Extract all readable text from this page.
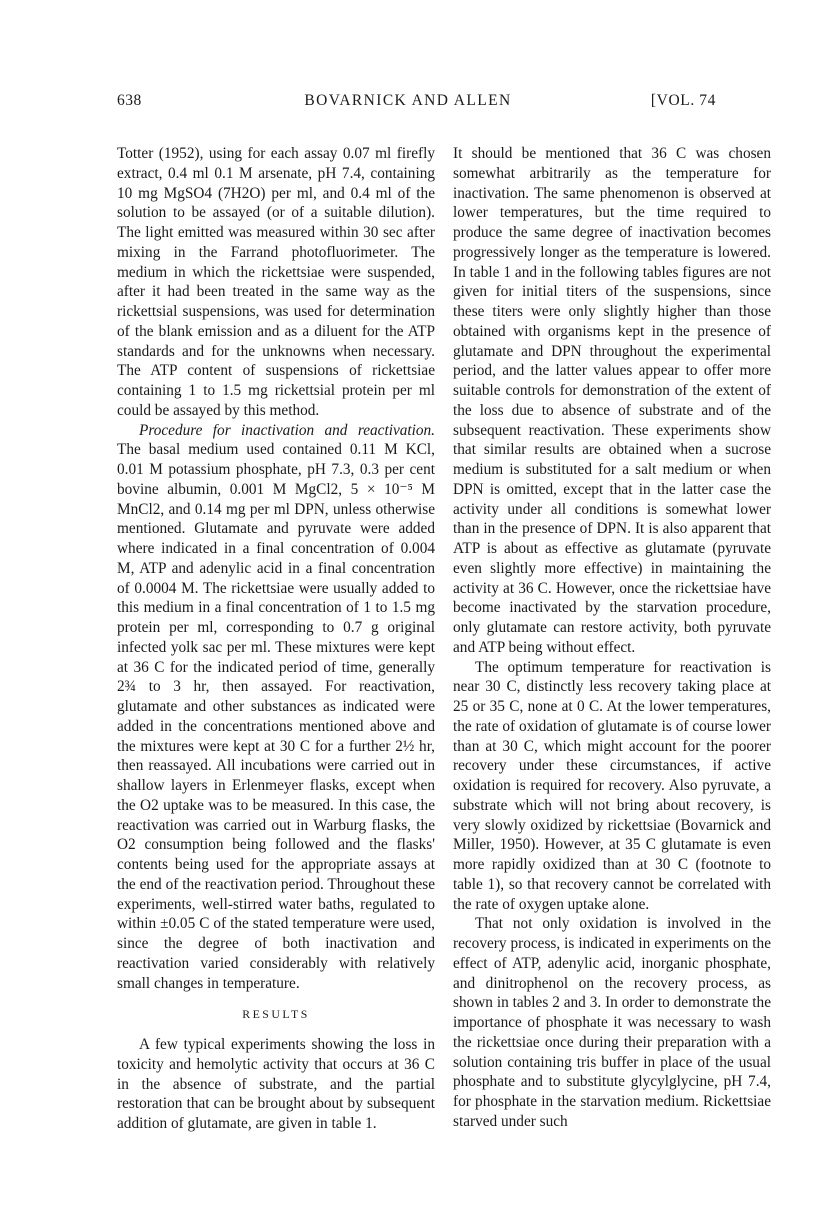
638	BOVARNICK AND ALLEN	[VOL. 74

Totter (1952), using for each assay 0.07 ml firefly extract, 0.4 ml 0.1 M arsenate, pH 7.4, containing 10 mg MgSO4 (7H2O) per ml, and 0.4 ml of the solution to be assayed (or of a suitable dilution). The light emitted was measured within 30 sec after mixing in the Farrand photofluorimeter. The medium in which the rickettsiae were suspended, after it had been treated in the same way as the rickettsial suspensions, was used for determination of the blank emission and as a diluent for the ATP standards and for the unknowns when necessary. The ATP content of suspensions of rickettsiae containing 1 to 1.5 mg rickettsial protein per ml could be assayed by this method.

Procedure for inactivation and reactivation. The basal medium used contained 0.11 M KCl, 0.01 M potassium phosphate, pH 7.3, 0.3 per cent bovine albumin, 0.001 M MgCl2, 5 × 10⁻⁵ M MnCl2, and 0.14 mg per ml DPN, unless otherwise mentioned. Glutamate and pyruvate were added where indicated in a final concentration of 0.004 M, ATP and adenylic acid in a final concentration of 0.0004 M. The rickettsiae were usually added to this medium in a final concentration of 1 to 1.5 mg protein per ml, corresponding to 0.7 g original infected yolk sac per ml. These mixtures were kept at 36 C for the indicated period of time, generally 2¾ to 3 hr, then assayed. For reactivation, glutamate and other substances as indicated were added in the concentrations mentioned above and the mixtures were kept at 30 C for a further 2½ hr, then reassayed. All incubations were carried out in shallow layers in Erlenmeyer flasks, except when the O2 uptake was to be measured. In this case, the reactivation was carried out in Warburg flasks, the O2 consumption being followed and the flasks' contents being used for the appropriate assays at the end of the reactivation period. Throughout these experiments, well-stirred water baths, regulated to within ±0.05 C of the stated temperature were used, since the degree of both inactivation and reactivation varied considerably with relatively small changes in temperature.

RESULTS

A few typical experiments showing the loss in toxicity and hemolytic activity that occurs at 36 C in the absence of substrate, and the partial restoration that can be brought about by subsequent addition of glutamate, are given in table 1.

It should be mentioned that 36 C was chosen somewhat arbitrarily as the temperature for inactivation. The same phenomenon is observed at lower temperatures, but the time required to produce the same degree of inactivation becomes progressively longer as the temperature is lowered. In table 1 and in the following tables figures are not given for initial titers of the suspensions, since these titers were only slightly higher than those obtained with organisms kept in the presence of glutamate and DPN throughout the experimental period, and the latter values appear to offer more suitable controls for demonstration of the extent of the loss due to absence of substrate and of the subsequent reactivation. These experiments show that similar results are obtained when a sucrose medium is substituted for a salt medium or when DPN is omitted, except that in the latter case the activity under all conditions is somewhat lower than in the presence of DPN. It is also apparent that ATP is about as effective as glutamate (pyruvate even slightly more effective) in maintaining the activity at 36 C. However, once the rickettsiae have become inactivated by the starvation procedure, only glutamate can restore activity, both pyruvate and ATP being without effect.

The optimum temperature for reactivation is near 30 C, distinctly less recovery taking place at 25 or 35 C, none at 0 C. At the lower temperatures, the rate of oxidation of glutamate is of course lower than at 30 C, which might account for the poorer recovery under these circumstances, if active oxidation is required for recovery. Also pyruvate, a substrate which will not bring about recovery, is very slowly oxidized by rickettsiae (Bovarnick and Miller, 1950). However, at 35 C glutamate is even more rapidly oxidized than at 30 C (footnote to table 1), so that recovery cannot be correlated with the rate of oxygen uptake alone.

That not only oxidation is involved in the recovery process, is indicated in experiments on the effect of ATP, adenylic acid, inorganic phosphate, and dinitrophenol on the recovery process, as shown in tables 2 and 3. In order to demonstrate the importance of phosphate it was necessary to wash the rickettsiae once during their preparation with a solution containing tris buffer in place of the usual phosphate and to substitute glycylglycine, pH 7.4, for phosphate in the starvation medium. Rickettsiae starved under such
